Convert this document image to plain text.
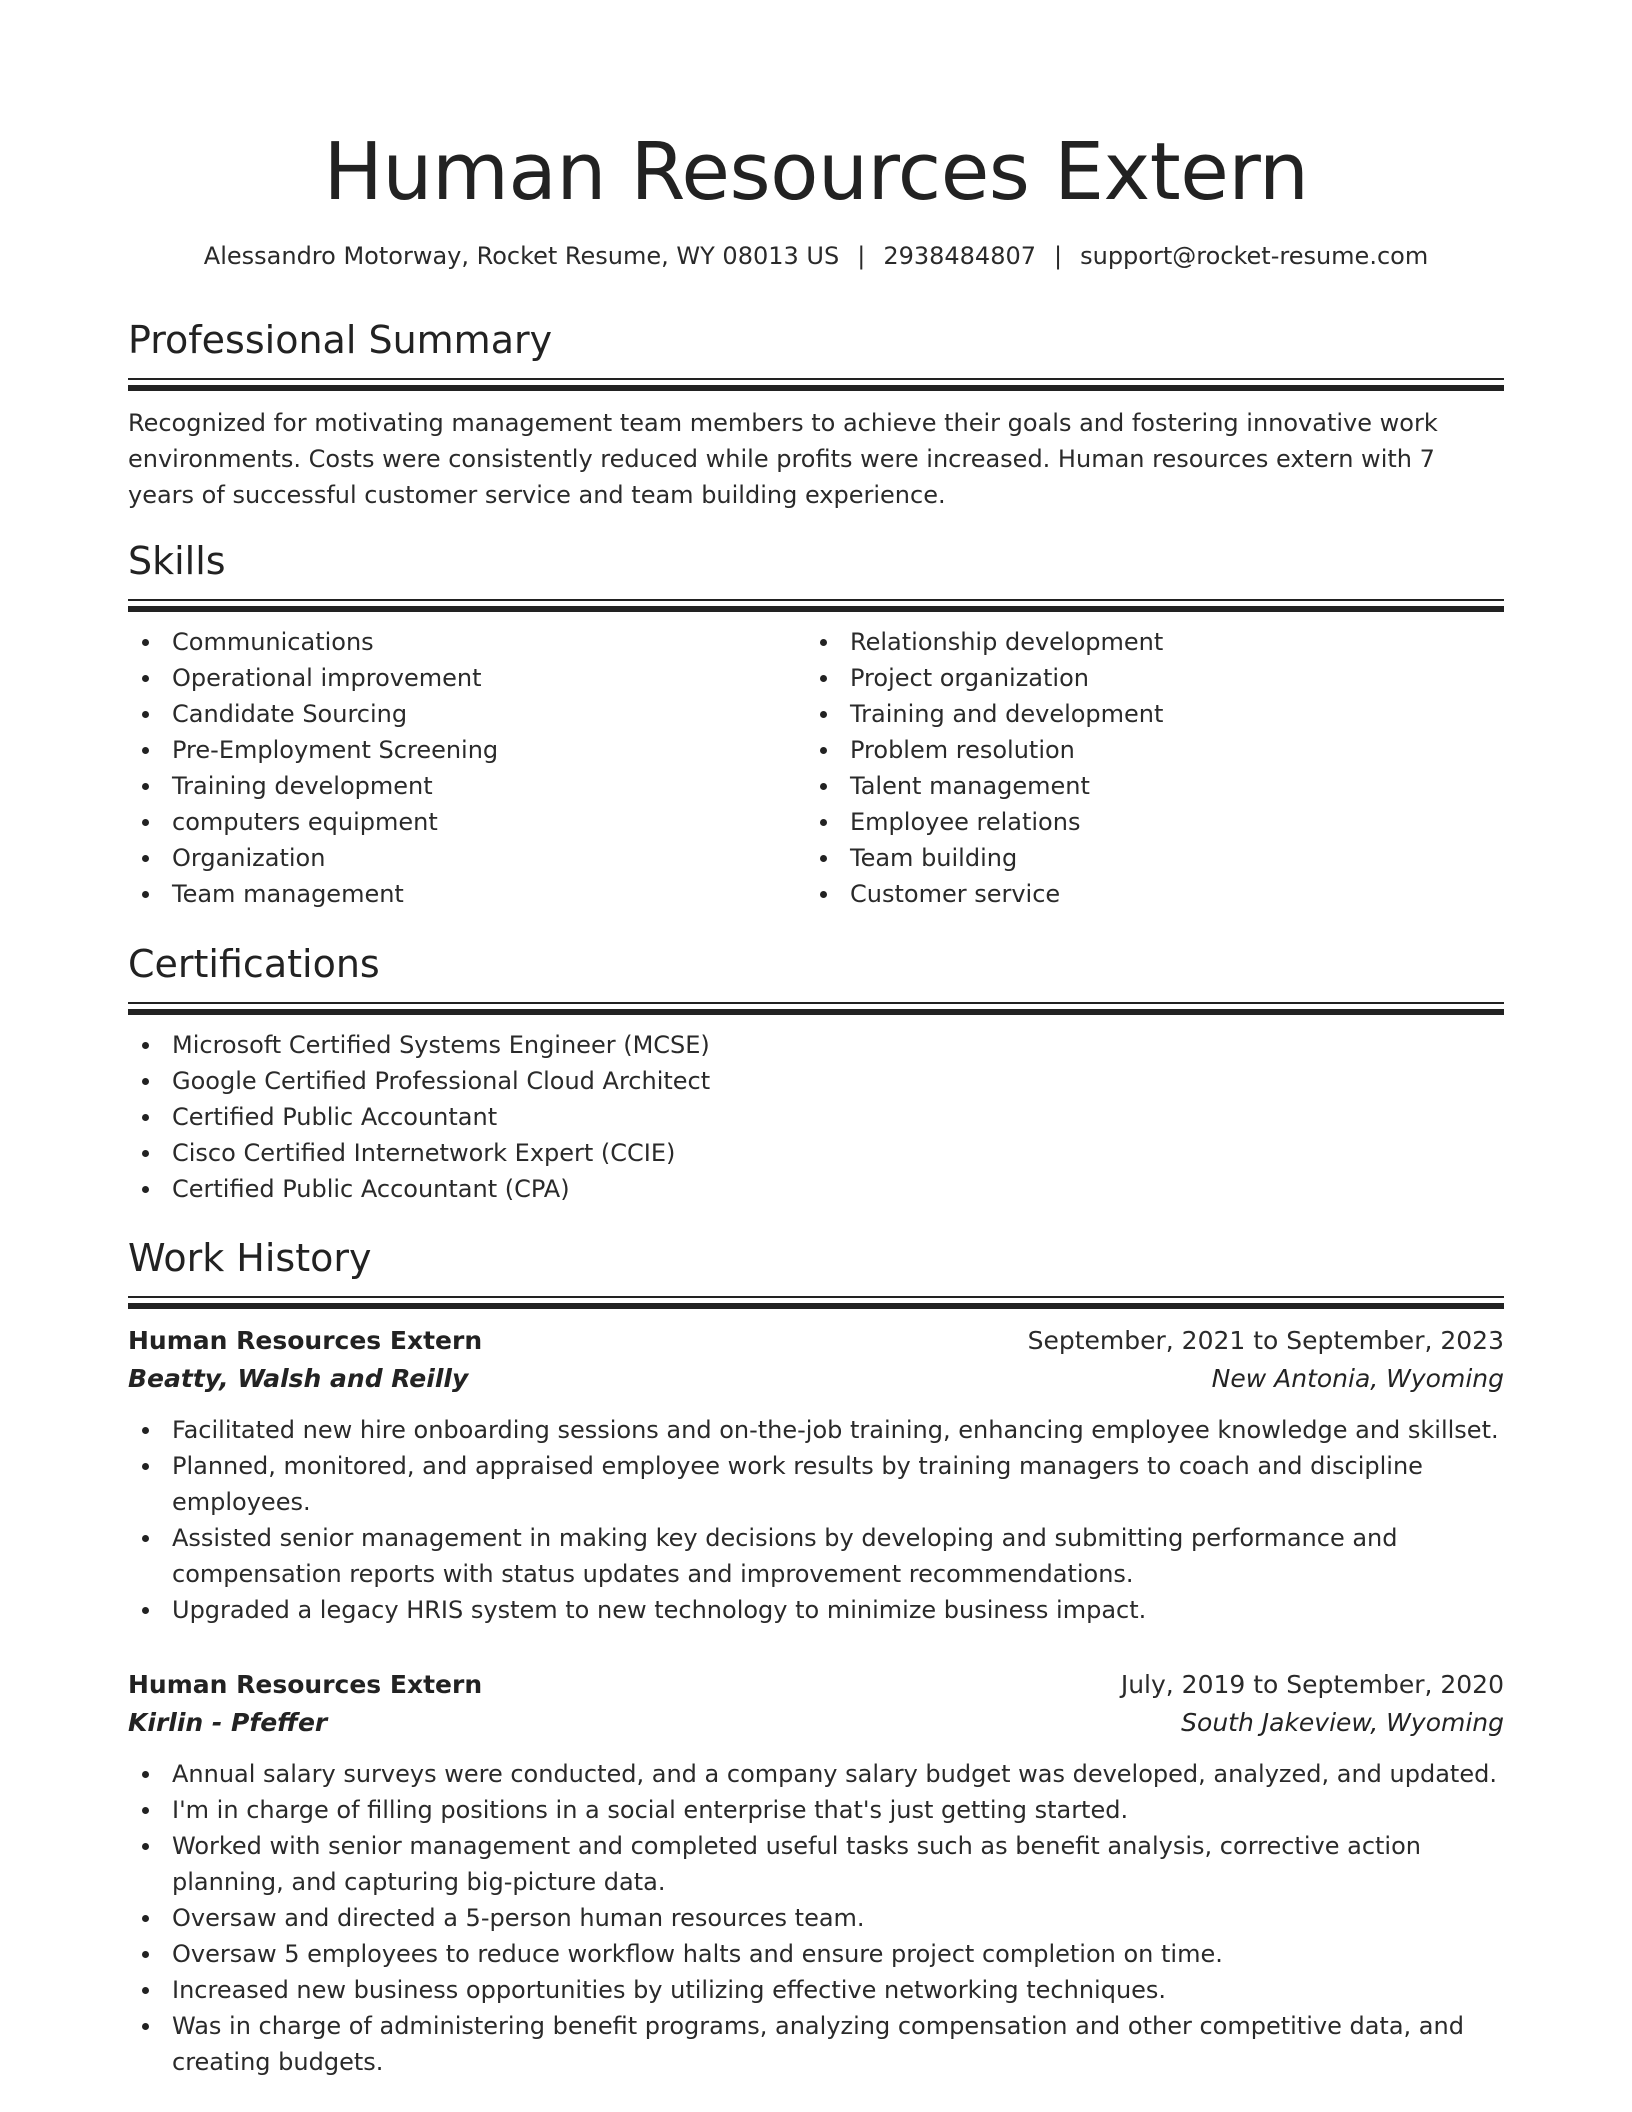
Human Resources Extern
Alessandro Motorway, Rocket Resume, WY 08013 US | 2938484807 | support@rocket-resume.com
Professional Summary
Recognized for motivating management team members to achieve their goals and fostering innovative work environments. Costs were consistently reduced while profits were increased. Human resources extern with 7 years of successful customer service and team building experience.
Skills
Communications
Operational improvement
Candidate Sourcing
Pre-Employment Screening
Training development
computers equipment
Organization
Team management
Relationship development
Project organization
Training and development
Problem resolution
Talent management
Employee relations
Team building
Customer service
Certifications
Microsoft Certified Systems Engineer (MCSE)
Google Certified Professional Cloud Architect
Certified Public Accountant
Cisco Certified Internetwork Expert (CCIE)
Certified Public Accountant (CPA)
Work History
Human Resources Extern	September, 2021 to September, 2023
Beatty, Walsh and Reilly	New Antonia, Wyoming
Facilitated new hire onboarding sessions and on-the-job training, enhancing employee knowledge and skillset.
Planned, monitored, and appraised employee work results by training managers to coach and discipline employees.
Assisted senior management in making key decisions by developing and submitting performance and compensation reports with status updates and improvement recommendations.
Upgraded a legacy HRIS system to new technology to minimize business impact.
Human Resources Extern	July, 2019 to September, 2020
Kirlin - Pfeffer	South Jakeview, Wyoming
Annual salary surveys were conducted, and a company salary budget was developed, analyzed, and updated.
I'm in charge of filling positions in a social enterprise that's just getting started.
Worked with senior management and completed useful tasks such as benefit analysis, corrective action planning, and capturing big-picture data.
Oversaw and directed a 5-person human resources team.
Oversaw 5 employees to reduce workflow halts and ensure project completion on time.
Increased new business opportunities by utilizing effective networking techniques.
Was in charge of administering benefit programs, analyzing compensation and other competitive data, and creating budgets.
